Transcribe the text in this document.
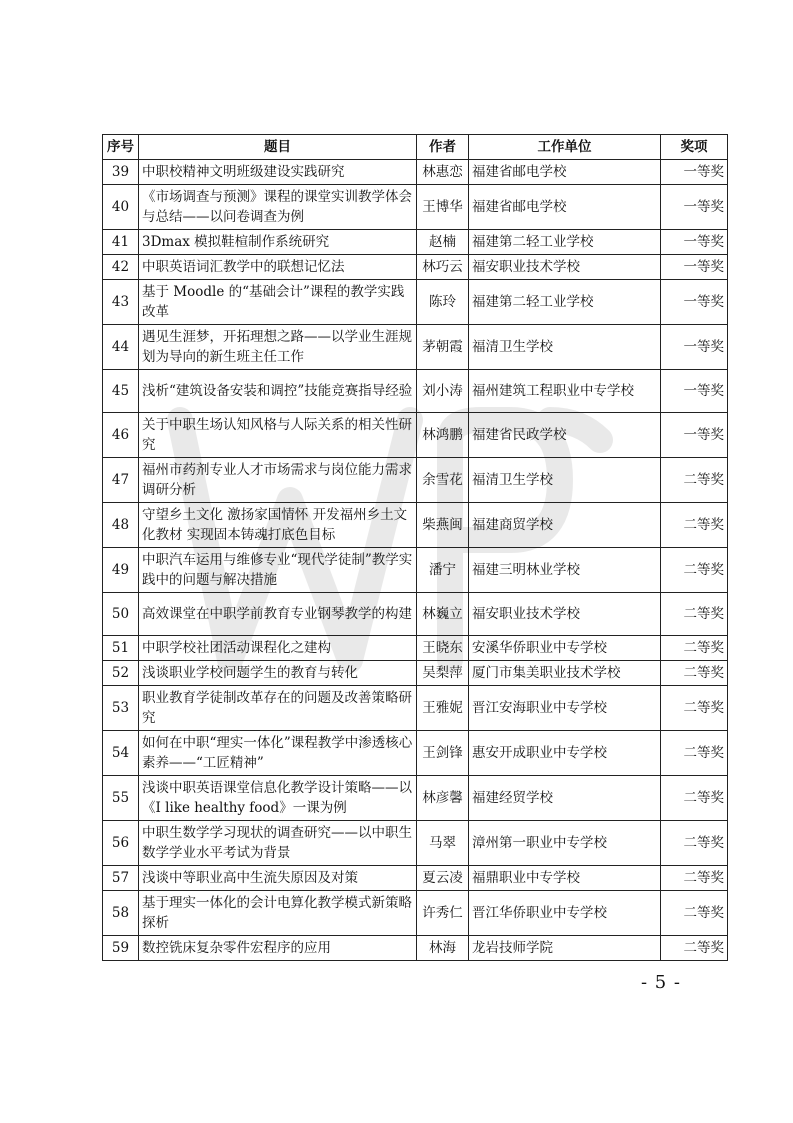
序号	题目	作者	工作单位	奖项
39	中职校精神文明班级建设实践研究	林惠恋	福建省邮电学校	一等奖
40	《市场调查与预测》课程的课堂实训教学体会与总结——以问卷调查为例	王博华	福建省邮电学校	一等奖
41	3Dmax 模拟鞋楦制作系统研究	赵楠	福建第二轻工业学校	一等奖
42	中职英语词汇教学中的联想记忆法	林巧云	福安职业技术学校	一等奖
43	基于 Moodle 的“基础会计”课程的教学实践改革	陈玲	福建第二轻工业学校	一等奖
44	遇见生涯梦，开拓理想之路——以学业生涯规划为导向的新生班主任工作	茅朝霞	福清卫生学校	一等奖
45	浅析“建筑设备安装和调控”技能竞赛指导经验	刘小涛	福州建筑工程职业中专学校	一等奖
46	关于中职生场认知风格与人际关系的相关性研究	林鸿鹏	福建省民政学校	一等奖
47	福州市药剂专业人才市场需求与岗位能力需求调研分析	余雪花	福清卫生学校	二等奖
48	守望乡土文化 激扬家国情怀 开发福州乡土文化教材 实现固本铸魂打底色目标	柴燕闽	福建商贸学校	二等奖
49	中职汽车运用与维修专业“现代学徒制”教学实践中的问题与解决措施	潘宁	福建三明林业学校	二等奖
50	高效课堂在中职学前教育专业钢琴教学的构建	林巍立	福安职业技术学校	二等奖
51	中职学校社团活动课程化之建构	王晓东	安溪华侨职业中专学校	二等奖
52	浅谈职业学校问题学生的教育与转化	吴梨萍	厦门市集美职业技术学校	二等奖
53	职业教育学徒制改革存在的问题及改善策略研究	王雅妮	晋江安海职业中专学校	二等奖
54	如何在中职“理实一体化”课程教学中渗透核心素养——“工匠精神”	王剑锋	惠安开成职业中专学校	二等奖
55	浅谈中职英语课堂信息化教学设计策略——以《I like healthy food》一课为例	林彦馨	福建经贸学校	二等奖
56	中职生数学学习现状的调查研究——以中职生数学学业水平考试为背景	马翠	漳州第一职业中专学校	二等奖
57	浅谈中等职业高中生流失原因及对策	夏云凌	福鼎职业中专学校	二等奖
58	基于理实一体化的会计电算化教学模式新策略探析	许秀仁	晋江华侨职业中专学校	二等奖
59	数控铣床复杂零件宏程序的应用	林海	龙岩技师学院	二等奖
- 5 -
